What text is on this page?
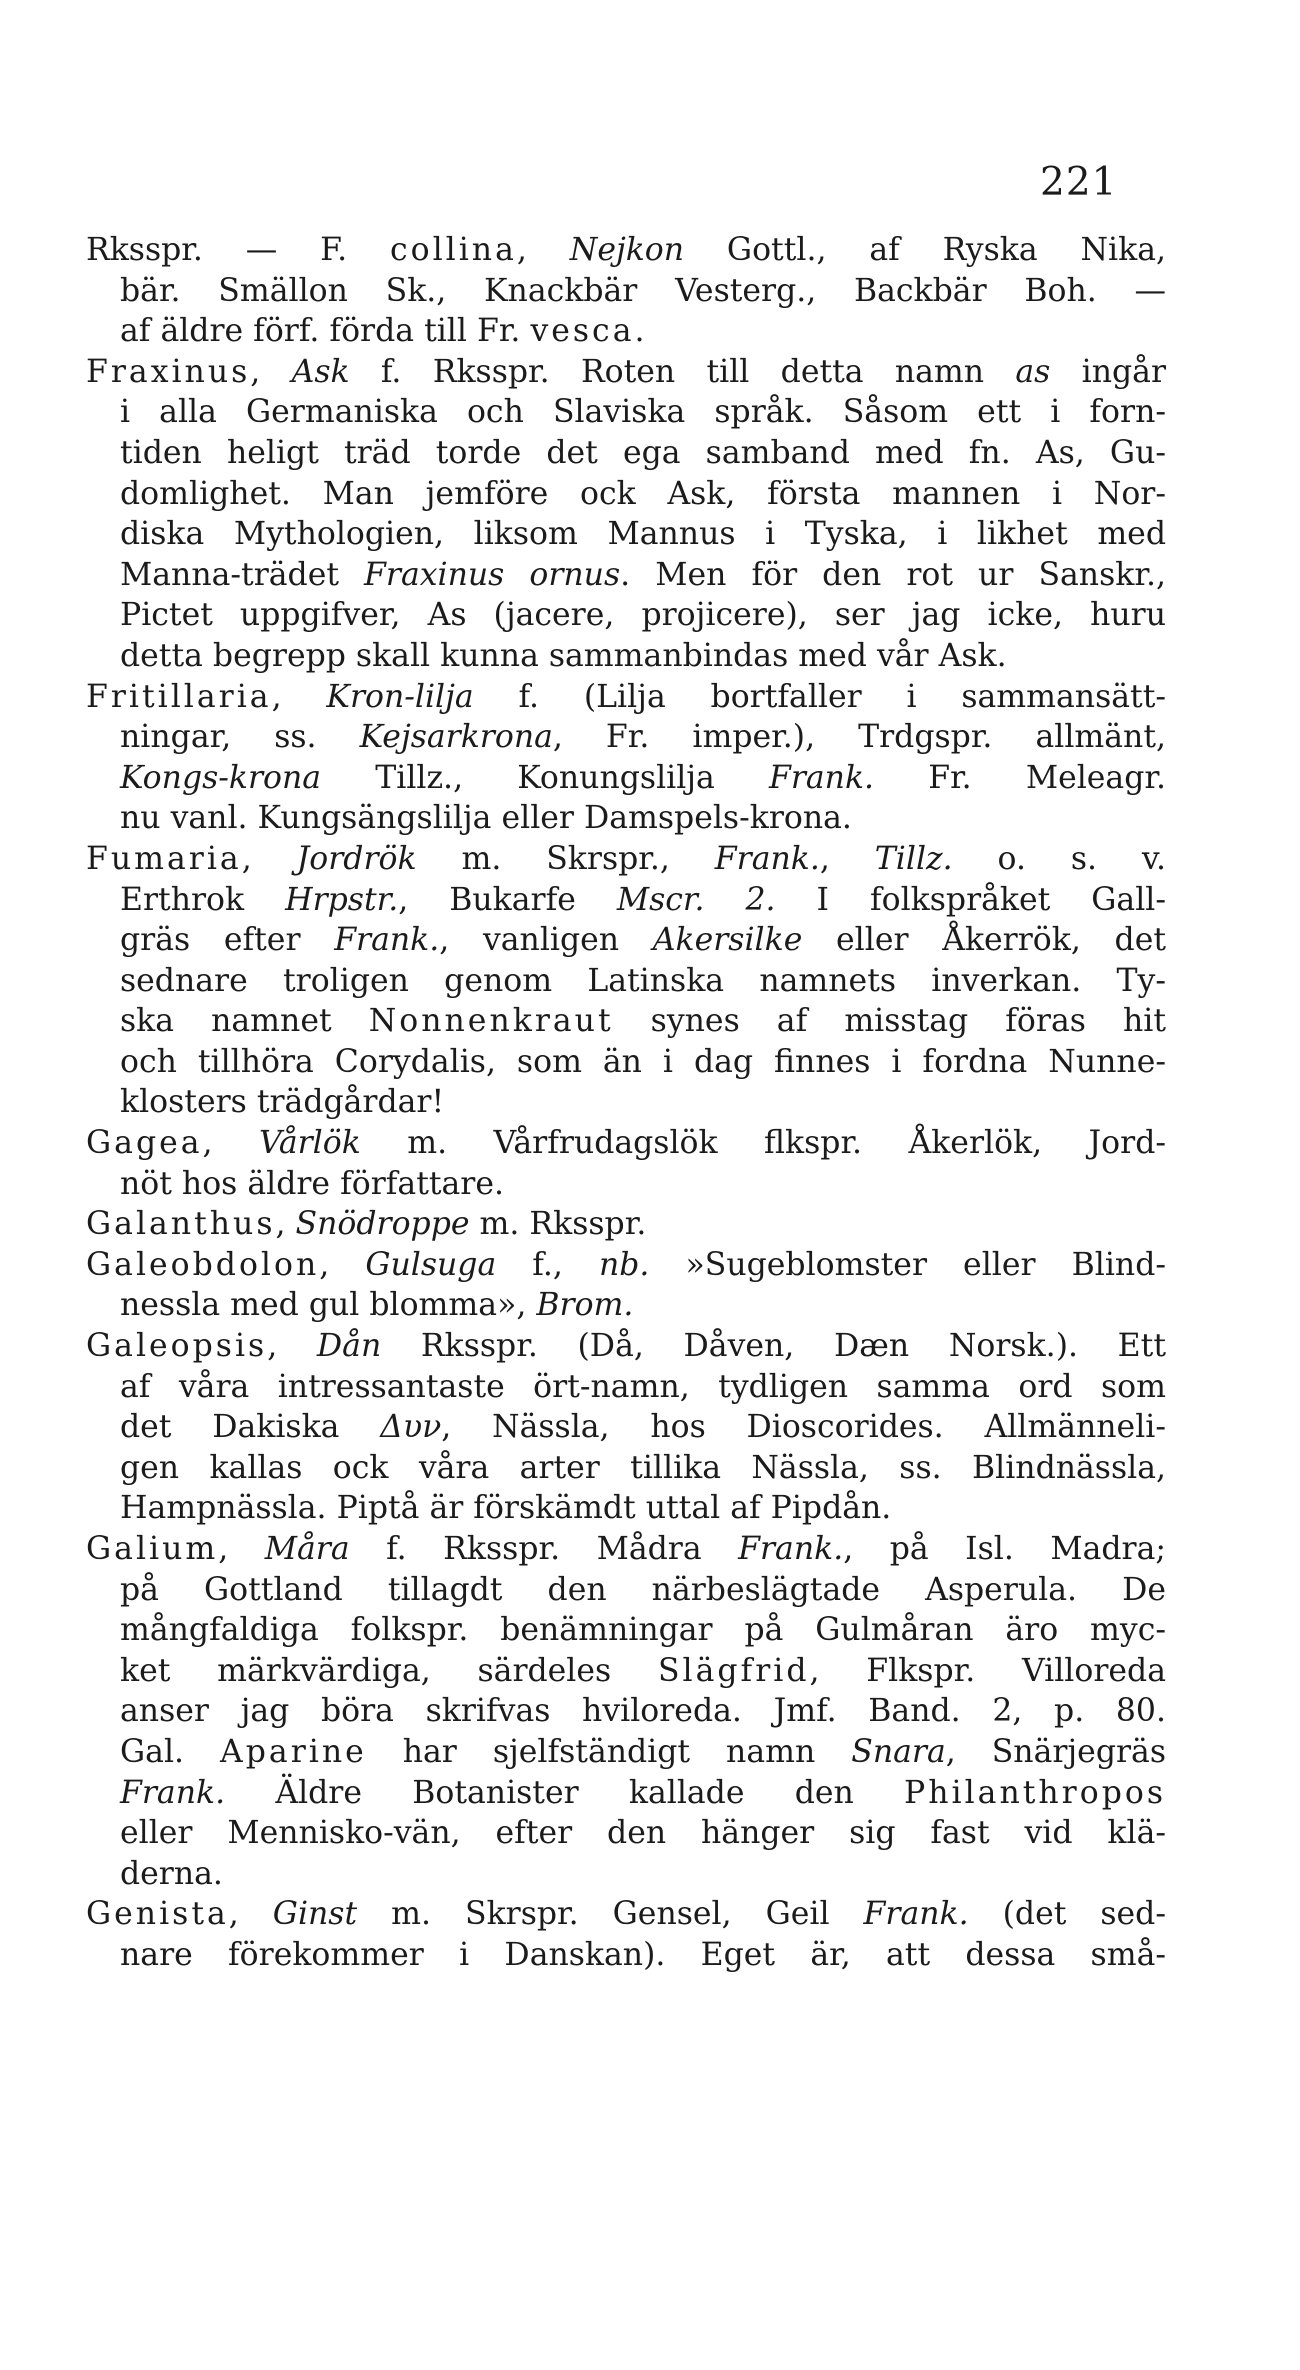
221
Rksspr. — F. collina, Nejkon Gottl., af Ryska Nika,
bär. Smällon Sk., Knackbär Vesterg., Backbär Boh. —
af äldre förf. förda till Fr. vesca.
Fraxinus, Ask f. Rksspr. Roten till detta namn as ingår
i alla Germaniska och Slaviska språk. Såsom ett i forn-
tiden heligt träd torde det ega samband med fn. As, Gu-
domlighet. Man jemföre ock Ask, första mannen i Nor-
diska Mythologien, liksom Mannus i Tyska, i likhet med
Manna-trädet Fraxinus ornus. Men för den rot ur Sanskr.,
Pictet uppgifver, As (jacere, projicere), ser jag icke, huru
detta begrepp skall kunna sammanbindas med vår Ask.
Fritillaria, Kron-lilja f. (Lilja bortfaller i sammansätt-
ningar, ss. Kejsarkrona, Fr. imper.), Trdgspr. allmänt,
Kongs-krona Tillz., Konungslilja Frank. Fr. Meleagr.
nu vanl. Kungsängslilja eller Damspels-krona.
Fumaria, Jordrök m. Skrspr., Frank., Tillz. o. s. v.
Erthrok Hrpstr., Bukarfe Mscr. 2. I folkspråket Gall-
gräs efter Frank., vanligen Akersilke eller Åkerrök, det
sednare troligen genom Latinska namnets inverkan. Ty-
ska namnet Nonnenkraut synes af misstag föras hit
och tillhöra Corydalis, som än i dag finnes i fordna Nunne-
klosters trädgårdar!
Gagea, Vårlök m. Vårfrudagslök flkspr. Åkerlök, Jord-
nöt hos äldre författare.
Galanthus, Snödroppe m. Rksspr.
Galeobdolon, Gulsuga f., nb. »Sugeblomster eller Blind-
nessla med gul blomma», Brom.
Galeopsis, Dån Rksspr. (Då, Dåven, Dæn Norsk.). Ett
af våra intressantaste ört-namn, tydligen samma ord som
det Dakiska Δυν, Nässla, hos Dioscorides. Allmänneli-
gen kallas ock våra arter tillika Nässla, ss. Blindnässla,
Hampnässla. Piptå är förskämdt uttal af Pipdån.
Galium, Måra f. Rksspr. Mådra Frank., på Isl. Madra;
på Gottland tillagdt den närbeslägtade Asperula. De
mångfaldiga folkspr. benämningar på Gulmåran äro myc-
ket märkvärdiga, särdeles Slägfrid, Flkspr. Villoreda
anser jag böra skrifvas hviloreda. Jmf. Band. 2, p. 80.
Gal. Aparine har sjelfständigt namn Snara, Snärjegräs
Frank. Äldre Botanister kallade den Philanthropos
eller Mennisko-vän, efter den hänger sig fast vid klä-
derna.
Genista, Ginst m. Skrspr. Gensel, Geil Frank. (det sed-
nare förekommer i Danskan). Eget är, att dessa små-
